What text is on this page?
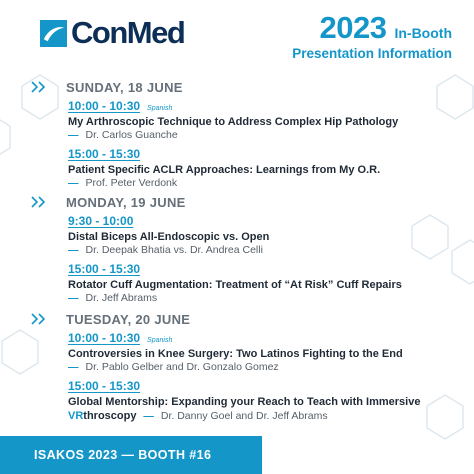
ConMed	2023 In-Booth
Presentation Information
SUNDAY, 18 JUNE
10:00 - 10:30 Spanish
My Arthroscopic Technique to Address Complex Hip Pathology
— Dr. Carlos Guanche
15:00 - 15:30
Patient Specific ACLR Approaches: Learnings from My O.R.
— Prof. Peter Verdonk
MONDAY, 19 JUNE
9:30 - 10:00
Distal Biceps All-Endoscopic vs. Open
— Dr. Deepak Bhatia vs. Dr. Andrea Celli
15:00 - 15:30
Rotator Cuff Augmentation: Treatment of “At Risk” Cuff Repairs
— Dr. Jeff Abrams
TUESDAY, 20 JUNE
10:00 - 10:30 Spanish
Controversies in Knee Surgery: Two Latinos Fighting to the End
— Dr. Pablo Gelber and Dr. Gonzalo Gomez
15:00 - 15:30
Global Mentorship: Expanding your Reach to Teach with Immersive
VRthroscopy — Dr. Danny Goel and Dr. Jeff Abrams
ISAKOS 2023 — BOOTH #16
